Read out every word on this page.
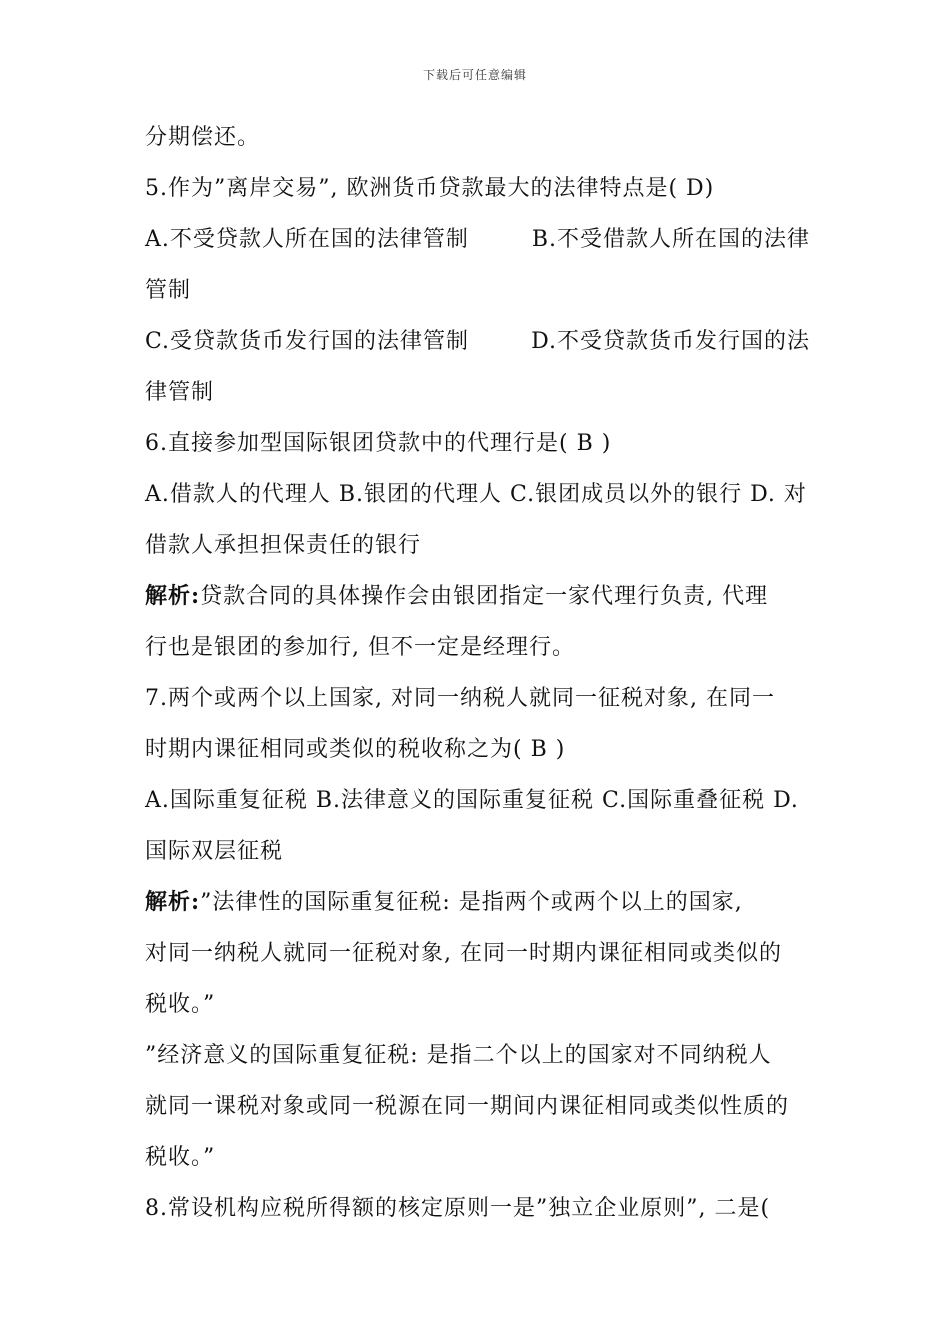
下载后可任意编辑
分期偿还。
5.作为”离岸交易”, 欧洲货币贷款最大的法律特点是( D)
A.不受贷款人所在国的法律管制	B.不受借款人所在国的法律
管制
C.受贷款货币发行国的法律管制	D.不受贷款货币发行国的法
律管制
6.直接参加型国际银团贷款中的代理行是( B )
A.借款人的代理人 B.银团的代理人 C.银团成员以外的银行 D. 对
借款人承担担保责任的银行
解析:贷款合同的具体操作会由银团指定一家代理行负责, 代理
行也是银团的参加行, 但不一定是经理行。
7.两个或两个以上国家, 对同一纳税人就同一征税对象, 在同一
时期内课征相同或类似的税收称之为( B )
A.国际重复征税 B.法律意义的国际重复征税 C.国际重叠征税 D.
国际双层征税
解析:”法律性的国际重复征税: 是指两个或两个以上的国家,
对同一纳税人就同一征税对象, 在同一时期内课征相同或类似的
税收。”
”经济意义的国际重复征税: 是指二个以上的国家对不同纳税人
就同一课税对象或同一税源在同一期间内课征相同或类似性质的
税收。”
8.常设机构应税所得额的核定原则一是”独立企业原则”, 二是(
